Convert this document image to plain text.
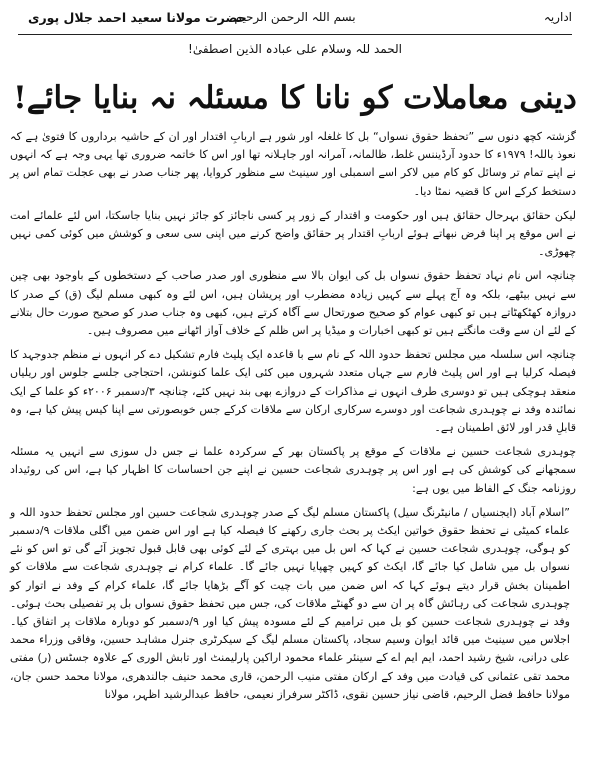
اداریہ
بسم اللہ الرحمن الرحیم
حضرت مولانا سعید احمد جلال پوری
الحمد للہ وسلام علی عبادہ الذین اصطفیٰ!
دینی معاملات کو نانا کا مسئلہ نہ بنایا جائے!

گزشتہ کچھ دنوں سے ”تحفظ حقوق نسواں“ بل کا غلغلہ اور شور ہے اربابِ اقتدار اور ان کے حاشیہ برداروں کا فتویٰ ہے کہ نعوذ باللہ! ۱۹۷۹ء کا حدود آرڈیننس غلط، ظالمانہ، آمرانہ اور جاہلانہ تھا اور اس کا خاتمہ ضروری تھا یہی وجہ ہے کہ انہوں نے اپنے تمام تر وسائل کو کام میں لاکر اسے اسمبلی اور سینیٹ سے منظور کروایا، پھر جناب صدر نے بھی عجلت تمام اس پر دستخط کرکے اس کا قضیہ نمٹا دیا۔

لیکن حقائق بہرحال حقائق ہیں اور حکومت و اقتدار کے زور پر کسی ناجائز کو جائز نہیں بنایا جاسکتا، اس لئے علمائے امت نے اس موقع پر اپنا فرض نبھاتے ہوئے اربابِ اقتدار پر حقائق واضح کرنے میں اپنی سی سعی و کوشش میں کوئی کمی نہیں چھوڑی۔

چنانچہ اس نام نہاد تحفظ حقوق نسواں بل کی ایوان بالا سے منظوری اور صدر صاحب کے دستخطوں کے باوجود بھی چین سے نہیں بیٹھے، بلکہ وہ آج پہلے سے کہیں زیادہ مضطرب اور پریشان ہیں، اس لئے وہ کبھی مسلم لیگ (ق) کے صدر کا دروازہ کھٹکھٹاتے ہیں تو کبھی عوام کو صحیح صورتحال سے آگاہ کرتے ہیں، کبھی وہ جناب صدر کو صحیح صورت حال بتلانے کے لئے ان سے وقت مانگتے ہیں تو کبھی اخبارات و میڈیا پر اس ظلم کے خلاف آواز اٹھانے میں مصروف ہیں۔

چنانچہ اس سلسلہ میں مجلس تحفظ حدود اللہ کے نام سے با قاعدہ ایک پلیٹ فارم تشکیل دے کر انہوں نے منظم جدوجہد کا فیصلہ کرلیا ہے اور اس پلیٹ فارم سے جہاں متعدد شہروں میں کئی ایک علما کنونشن، احتجاجی جلسے جلوس اور ریلیاں منعقد ہوچکی ہیں تو دوسری طرف انہوں نے مذاکرات کے دروازے بھی بند نہیں کئے، چنانچہ ۳/دسمبر ۲۰۰۶ء کو علما کے ایک نمائندہ وفد نے چوہدری شجاعت اور دوسرے سرکاری ارکان سے ملاقات کرکے جس خوبصورتی سے اپنا کیس پیش کیا ہے، وہ قابلِ قدر اور لائق اطمینان ہے۔

چوہدری شجاعت حسین نے ملاقات کے موقع پر پاکستان بھر کے سرکردہ علما نے جس دل سوزی سے انہیں یہ مسئلہ سمجھانے کی کوشش کی ہے اور اس پر چوہدری شجاعت حسین نے اپنے جن احساسات کا اظہار کیا ہے، اس کی روئیداد روزنامہ جنگ کے الفاظ میں یوں ہے:

”اسلام آباد (ایجنسیاں / مانیٹرنگ سیل) پاکستان مسلم لیگ کے صدر چوہدری شجاعت حسین اور مجلس تحفظ حدود اللہ و علماء کمیٹی نے تحفظ حقوق خواتین ایکٹ پر بحث جاری رکھنے کا فیصلہ کیا ہے اور اس ضمن میں اگلی ملاقات ۹/دسمبر کو ہوگی، چوہدری شجاعت حسین نے کہا کہ اس بل میں بہتری کے لئے کوئی بھی قابل قبول تجویز آئے گی تو اس کو نئے نسواں بل میں شامل کیا جائے گا، ایکٹ کو کہیں چھپایا نہیں جائے گا۔ علماء کرام نے چوہدری شجاعت سے ملاقات کو اطمینان بخش قرار دیتے ہوئے کہا کہ اس ضمن میں بات چیت کو آگے بڑھایا جائے گا، علماء کرام کے وفد نے اتوار کو چوہدری شجاعت کی رہائش گاہ پر ان سے دو گھنٹے ملاقات کی، جس میں تحفظ حقوق نسواں بل پر تفصیلی بحث ہوئی۔ وفد نے چوہدری شجاعت حسین کو بل میں ترامیم کے لئے مسودہ پیش کیا اور ۹/دسمبر کو دوبارہ ملاقات پر اتفاق کیا۔ اجلاس میں سینیٹ میں قائد ایوان وسیم سجاد، پاکستان مسلم لیگ کے سیکرٹری جنرل مشاہد حسین، وفاقی وزراء محمد علی درانی، شیخ رشید احمد، ایم ایم اے کے سینئر علماء محمود اراکین پارلیمنٹ اور تابش الوری کے علاوہ جسٹس (ر) مفتی محمد تقی عثمانی کی قیادت میں وفد کے ارکان مفتی منیب الرحمن، قاری محمد حنیف جالندھری، مولانا محمد حسن جان، مولانا حافظ فضل الرحیم، قاضی نیاز حسین نقوی، ڈاکٹر سرفراز نعیمی، حافظ عبدالرشید اظہر، مولانا
